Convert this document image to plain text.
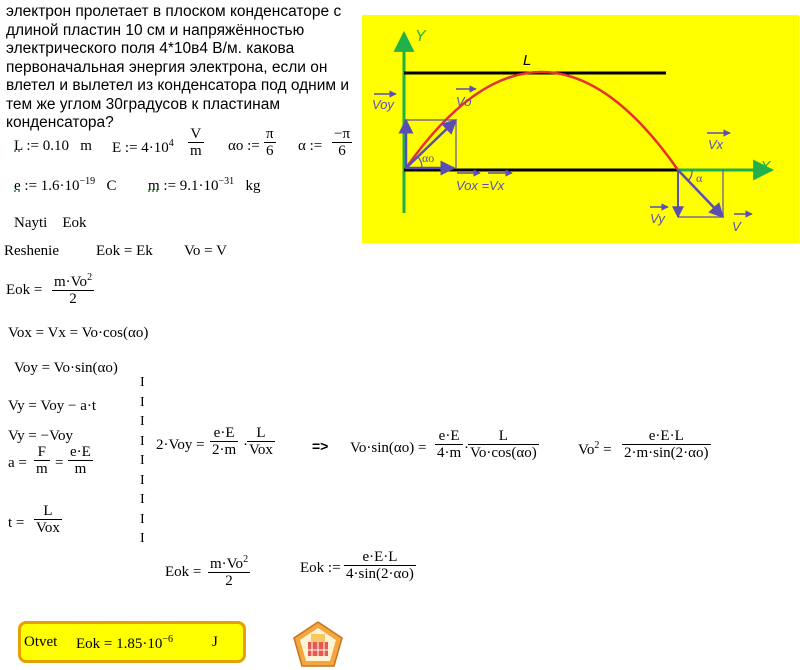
электрон пролетает в плоском конденсаторе с
длиной пластин 10 см и напряжённостью
электрического поля 4*10в4 В/м. какова
первоначальная энергия электрона, если он
влетел и вылетел из конденсатора под одним и
тем же углом 30градусов к пластинам
конденсатора?
L := 0.10 m E := $4\cdot 10^4 \frac{V}{m}$ αo := $\frac{\pi}{6}$ α := $\frac{-\pi}{6}$
e := $1.6\cdot 10^{-19}$ C m := $9.1\cdot 10^{-31}$ kg
Nayti Eok
Reshenie Eok = Ek Vo = V
Eok = $\frac{m\cdot Vo^2}{2}$
Vox = Vx = Vo·cos(αo)
Voy = Vo·sin(αo)
Vy = Voy − a·t
Vy = −Voy
$a = \frac{F}{m} = \frac{e\cdot E}{m}$
$t = \frac{L}{\text{Vox}}$
I
I
I
I
I
I
I
I
I
$2\cdot Voy = \frac{e\cdot E}{2\cdot m} \cdot \frac{L}{\text{Vox}}$	=> $Vo\cdot\sin(\alpha o) = \frac{e\cdot E}{4\cdot m} \cdot \frac{L}{Vo\cdot\cos(\alpha o)}$	$Vo^2 = \frac{e\cdot E\cdot L}{2\cdot m\cdot\sin(2\cdot\alpha o)}$
Eok = $\frac{m\cdot Vo^2}{2}$	Eok := $\frac{e\cdot E\cdot L}{4\cdot\sin(2\cdot\alpha o)}$
Otvet Eok = $1.85\cdot 10^{-6}$	J
Y
X
L
Voy	Vo
αo
Vox =Vx
Vx
α
Vy
V
